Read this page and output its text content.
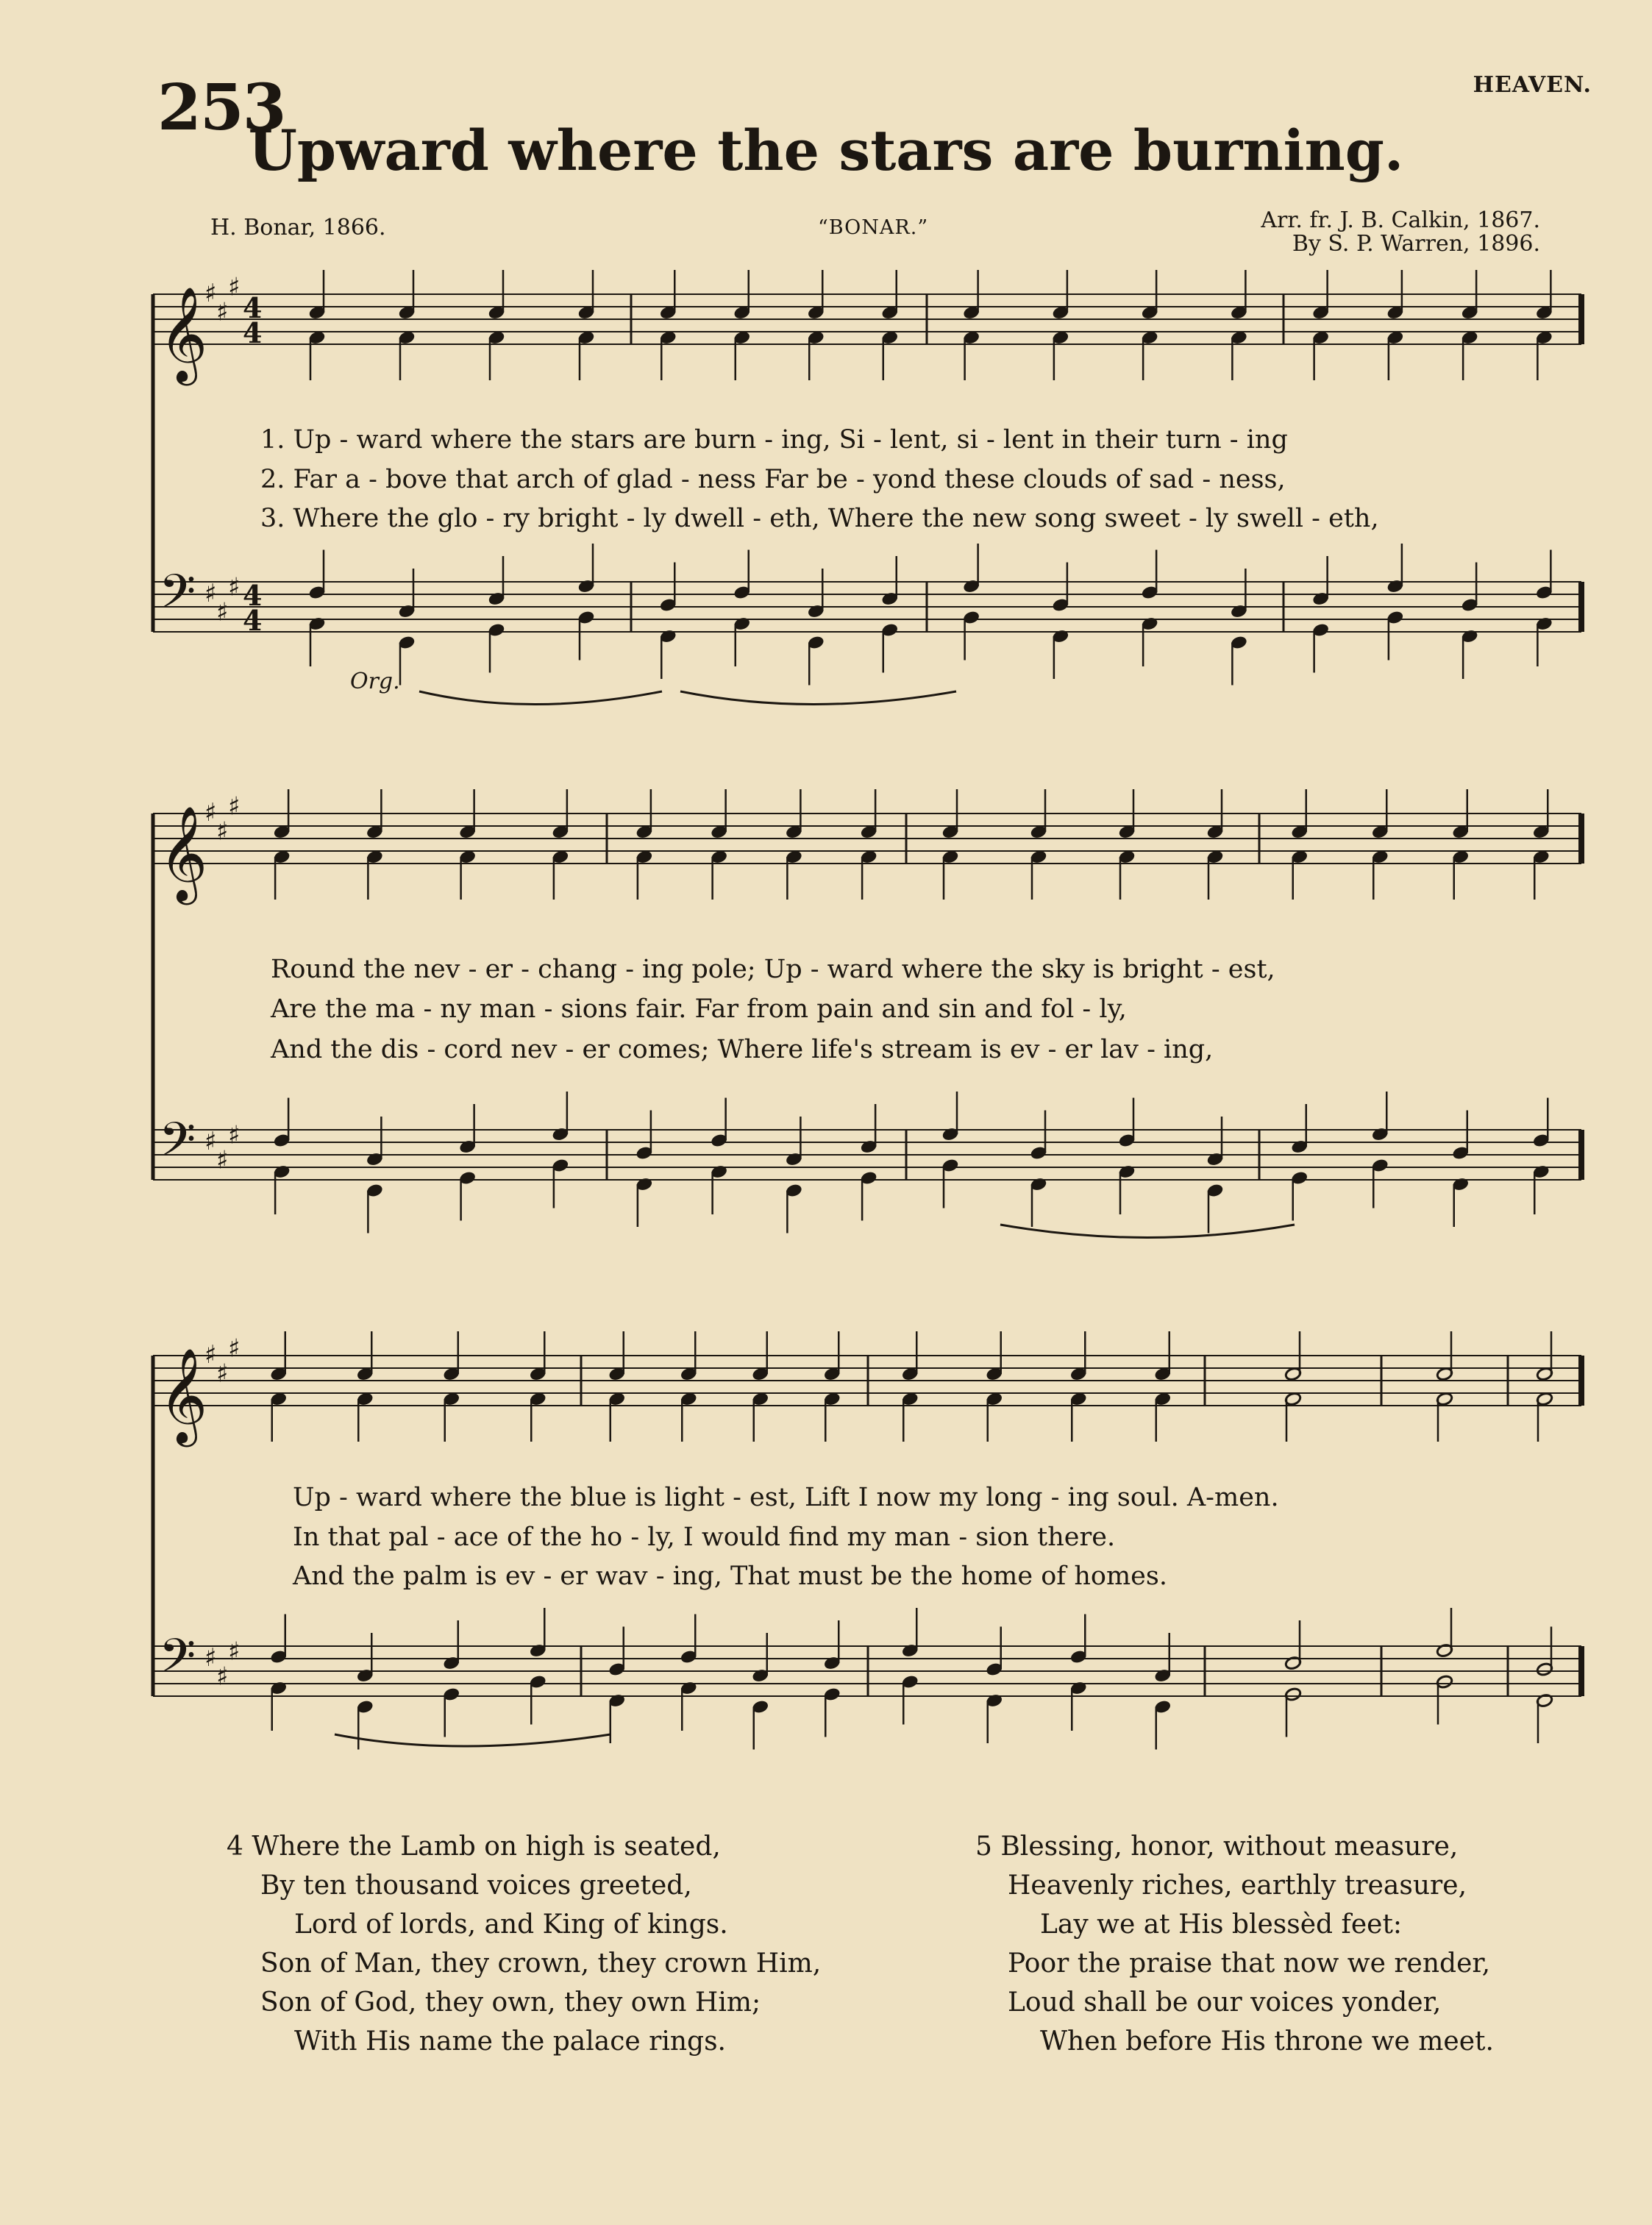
253	HEAVEN.
Upward where the stars are burning.
H. Bonar, 1866.	“BONAR.”	Arr. fr. J. B. Calkin, 1867.
By S. P. Warren, 1896.
𝄞
𝄢
♯
♯
♯
♯
♯
♯
4
4
4
4
𝄞
𝄢
♯
♯
♯
♯
♯
♯
𝄞
𝄢
♯
♯
♯
♯
♯
♯
Org.
1. Up - ward where the stars are burn - ing, Si - lent, si - lent in their turn - ing
2. Far a - bove that arch of glad - ness Far be - yond these clouds of sad - ness,
3. Where the glo - ry bright - ly dwell - eth, Where the new song sweet - ly swell - eth,
Round the nev - er - chang - ing pole; Up - ward where the sky is bright - est,
Are the ma - ny man - sions fair. Far from pain and sin and fol - ly,
And the dis - cord nev - er comes; Where life's stream is ev - er lav - ing,
Up - ward where the blue is light - est, Lift I now my long - ing soul. A-men.
In that pal - ace of the ho - ly, I would find my man - sion there.
And the palm is ev - er wav - ing, That must be the home of homes.
4 Where the Lamb on high is seated,
By ten thousand voices greeted,
Lord of lords, and King of kings.
Son of Man, they crown, they crown Him,
Son of God, they own, they own Him;
With His name the palace rings.
5 Blessing, honor, without measure,
Heavenly riches, earthly treasure,
Lay we at His blessèd feet:
Poor the praise that now we render,
Loud shall be our voices yonder,
When before His throne we meet.
